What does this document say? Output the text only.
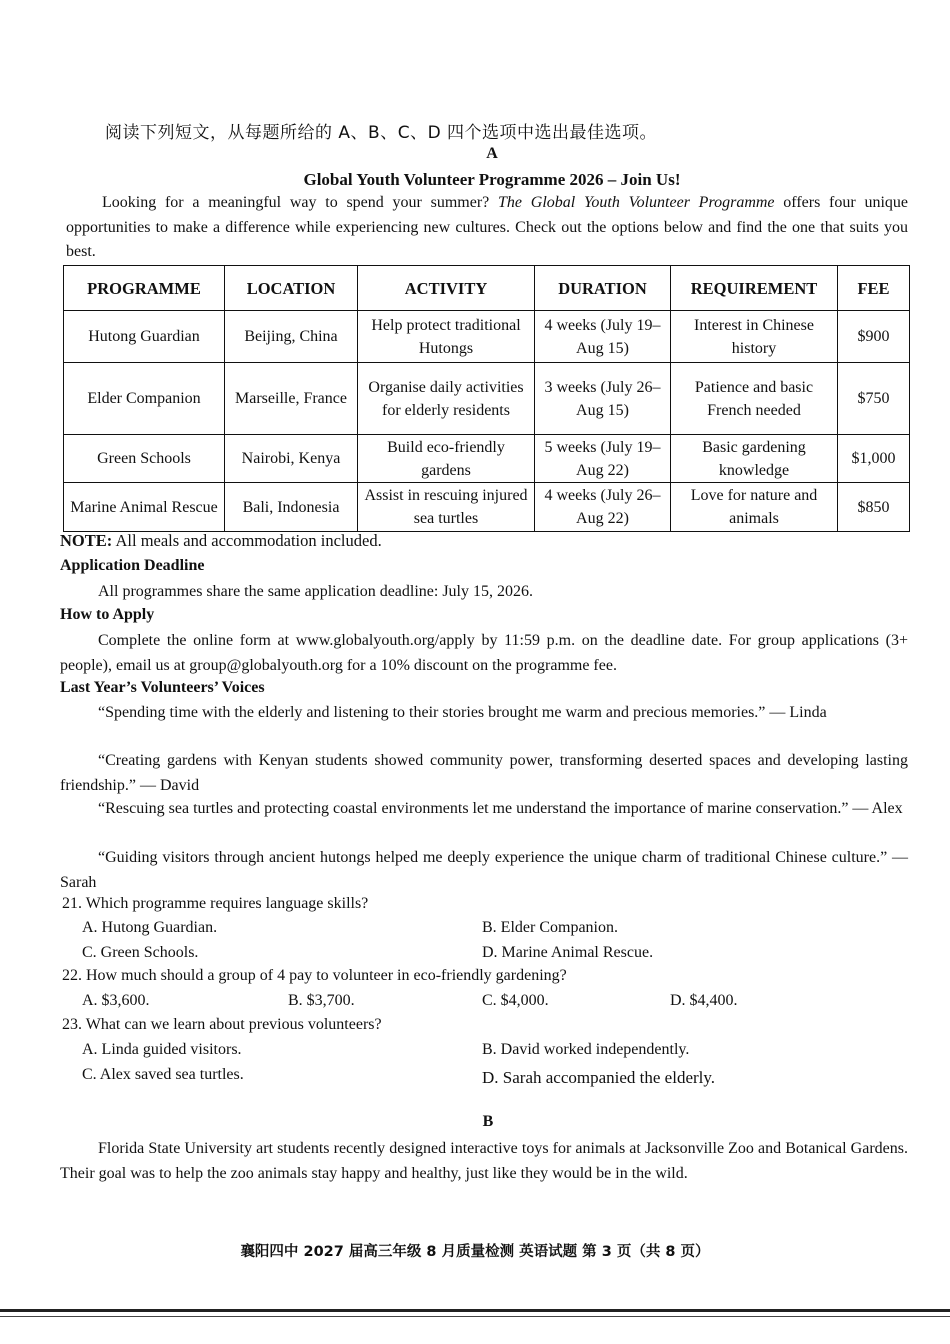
阅读下列短文，从每题所给的 A、B、C、D 四个选项中选出最佳选项。
A
Global Youth Volunteer Programme 2026 – Join Us!
Looking for a meaningful way to spend your summer? The Global Youth Volunteer Programme offers four unique opportunities to make a difference while experiencing new cultures. Check out the options below and find the one that suits you best.
PROGRAMME	LOCATION	ACTIVITY	DURATION	REQUIREMENT	FEE
Hutong Guardian	Beijing, China	Help protect traditional Hutongs	4 weeks (July 19–Aug 15)	Interest in Chinese history	$900
Elder Companion	Marseille, France	Organise daily activities for elderly residents	3 weeks (July 26–Aug 15)	Patience and basic French needed	$750
Green Schools	Nairobi, Kenya	Build eco-friendly gardens	5 weeks (July 19–Aug 22)	Basic gardening knowledge	$1,000
Marine Animal Rescue	Bali, Indonesia	Assist in rescuing injured sea turtles	4 weeks (July 26–Aug 22)	Love for nature and animals	$850
NOTE: All meals and accommodation included.
Application Deadline
All programmes share the same application deadline: July 15, 2026.
How to Apply
Complete the online form at www.globalyouth.org/apply by 11:59 p.m. on the deadline date. For group applications (3+ people), email us at group@globalyouth.org for a 10% discount on the programme fee.
Last Year’s Volunteers’ Voices
“Spending time with the elderly and listening to their stories brought me warm and precious memories.” — Linda
“Creating gardens with Kenyan students showed community power, transforming deserted spaces and developing lasting friendship.” — David
“Rescuing sea turtles and protecting coastal environments let me understand the importance of marine conservation.” — Alex
“Guiding visitors through ancient hutongs helped me deeply experience the unique charm of traditional Chinese culture.” — Sarah
21. Which programme requires language skills?
A. Hutong Guardian.	B. Elder Companion.
C. Green Schools.	D. Marine Animal Rescue.
22. How much should a group of 4 pay to volunteer in eco-friendly gardening?
A. $3,600.	B. $3,700.	C. $4,000.	D. $4,400.
23. What can we learn about previous volunteers?
A. Linda guided visitors.	B. David worked independently.
C. Alex saved sea turtles.	D. Sarah accompanied the elderly.
B
Florida State University art students recently designed interactive toys for animals at Jacksonville Zoo and Botanical Gardens. Their goal was to help the zoo animals stay happy and healthy, just like they would be in the wild.
襄阳四中 2027 届高三年级 8 月质量检测 英语试题 第 3 页（共 8 页）
